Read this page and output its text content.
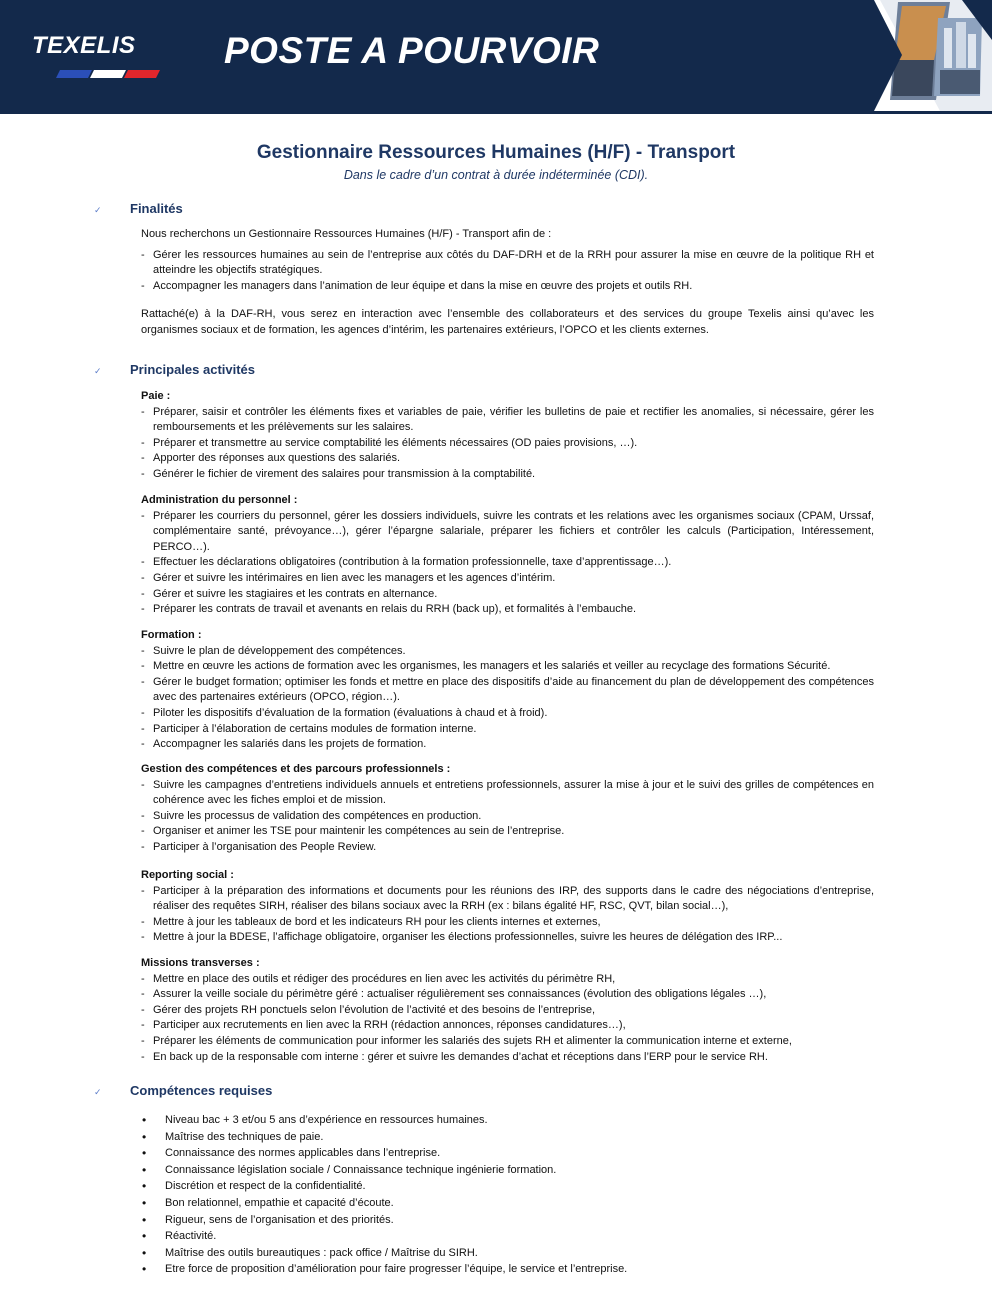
TEXELIS POSTE A POURVOIR
Gestionnaire Ressources Humaines (H/F) - Transport
Dans le cadre d’un contrat à durée indéterminée (CDI).
✓ Finalités

Nous recherchons un Gestionnaire Ressources Humaines (H/F) - Transport afin de :

- Gérer les ressources humaines au sein de l’entreprise aux côtés du DAF-DRH et de la RRH pour assurer la mise en œuvre de la politique RH et atteindre les objectifs stratégiques.
- Accompagner les managers dans l’animation de leur équipe et dans la mise en œuvre des projets et outils RH.

Rattaché(e) à la DAF-RH, vous serez en interaction avec l’ensemble des collaborateurs et des services du groupe Texelis ainsi qu’avec les organismes sociaux et de formation, les agences d’intérim, les partenaires extérieurs, l’OPCO et les clients externes.

✓ Principales activités
Paie :
- Préparer, saisir et contrôler les éléments fixes et variables de paie, vérifier les bulletins de paie et rectifier les anomalies, si nécessaire, gérer les remboursements et les prélèvements sur les salaires.
- Préparer et transmettre au service comptabilité les éléments nécessaires (OD paies provisions, …).
- Apporter des réponses aux questions des salariés.
- Générer le fichier de virement des salaires pour transmission à la comptabilité.
Administration du personnel :
- Préparer les courriers du personnel, gérer les dossiers individuels, suivre les contrats et les relations avec les organismes sociaux (CPAM, Urssaf, complémentaire santé, prévoyance…), gérer l’épargne salariale, préparer les fichiers et contrôler les calculs (Participation, Intéressement, PERCO…).
- Effectuer les déclarations obligatoires (contribution à la formation professionnelle, taxe d’apprentissage…).
- Gérer et suivre les intérimaires en lien avec les managers et les agences d’intérim.
- Gérer et suivre les stagiaires et les contrats en alternance.
- Préparer les contrats de travail et avenants en relais du RRH (back up), et formalités à l’embauche.
Formation :
- Suivre le plan de développement des compétences.
- Mettre en œuvre les actions de formation avec les organismes, les managers et les salariés et veiller au recyclage des formations Sécurité.
- Gérer le budget formation; optimiser les fonds et mettre en place des dispositifs d’aide au financement du plan de développement des compétences avec des partenaires extérieurs (OPCO, région…).
- Piloter les dispositifs d’évaluation de la formation (évaluations à chaud et à froid).
- Participer à l’élaboration de certains modules de formation interne.
- Accompagner les salariés dans les projets de formation.
Gestion des compétences et des parcours professionnels :
- Suivre les campagnes d’entretiens individuels annuels et entretiens professionnels, assurer la mise à jour et le suivi des grilles de compétences en cohérence avec les fiches emploi et de mission.
- Suivre les processus de validation des compétences en production.
- Organiser et animer les TSE pour maintenir les compétences au sein de l’entreprise.
- Participer à l’organisation des People Review.
Reporting social :
- Participer à la préparation des informations et documents pour les réunions des IRP, des supports dans le cadre des négociations d’entreprise, réaliser des requêtes SIRH, réaliser des bilans sociaux avec la RRH (ex : bilans égalité HF, RSC, QVT, bilan social…),
- Mettre à jour les tableaux de bord et les indicateurs RH pour les clients internes et externes,
- Mettre à jour la BDESE, l’affichage obligatoire, organiser les élections professionnelles, suivre les heures de délégation des IRP...
Missions transverses :
- Mettre en place des outils et rédiger des procédures en lien avec les activités du périmètre RH,
- Assurer la veille sociale du périmètre géré : actualiser régulièrement ses connaissances (évolution des obligations légales …),
- Gérer des projets RH ponctuels selon l’évolution de l’activité et des besoins de l’entreprise,
- Participer aux recrutements en lien avec la RRH (rédaction annonces, réponses candidatures…),
- Préparer les éléments de communication pour informer les salariés des sujets RH et alimenter la communication interne et externe,
- En back up de la responsable com interne : gérer et suivre les demandes d’achat et réceptions dans l’ERP pour le service RH.
✓ Compétences requises
• Niveau bac + 3 et/ou 5 ans d’expérience en ressources humaines.
• Maîtrise des techniques de paie.
• Connaissance des normes applicables dans l’entreprise.
• Connaissance législation sociale / Connaissance technique ingénierie formation.
• Discrétion et respect de la confidentialité.
• Bon relationnel, empathie et capacité d’écoute.
• Rigueur, sens de l’organisation et des priorités.
• Réactivité.
• Maîtrise des outils bureautiques : pack office / Maîtrise du SIRH.
• Etre force de proposition d’amélioration pour faire progresser l’équipe, le service et l’entreprise.
